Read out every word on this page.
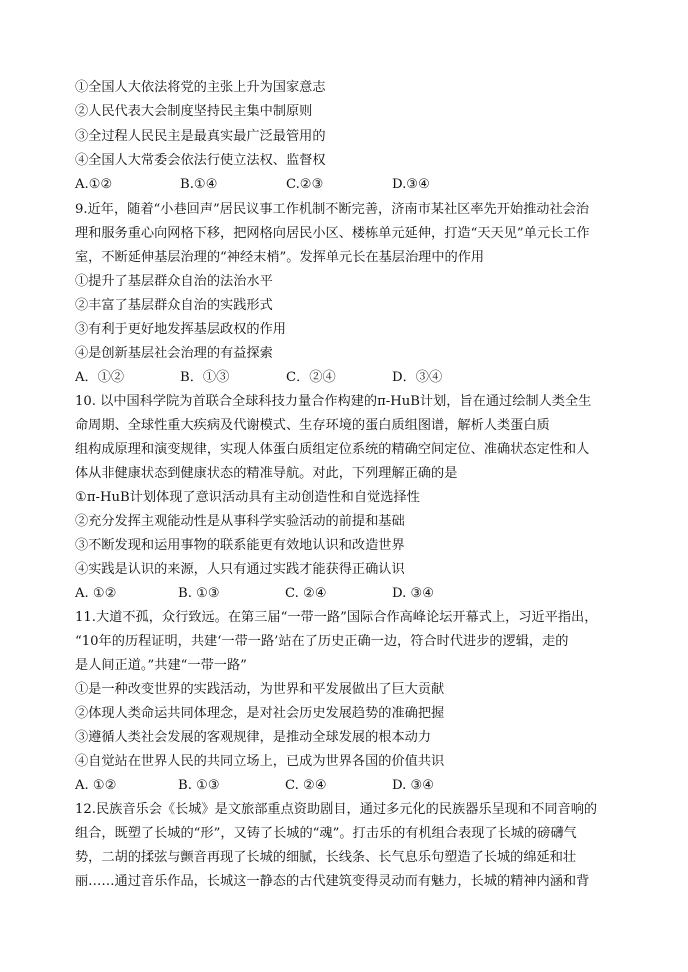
①全国人大依法将党的主张上升为国家意志
②人民代表大会制度坚持民主集中制原则
③全过程人民民主是最真实最广泛最管用的
④全国人大常委会依法行使立法权、监督权
A.①②	B.①④	C.②③	D.③④
9.近年，随着“小巷回声”居民议事工作机制不断完善，济南市某社区率先开始推动社会治
理和服务重心向网格下移，把网格向居民小区、楼栋单元延伸，打造“天天见”单元长工作
室，不断延伸基层治理的“神经末梢”。发挥单元长在基层治理中的作用
①提升了基层群众自治的法治水平
②丰富了基层群众自治的实践形式
③有利于更好地发挥基层政权的作用
④是创新基层社会治理的有益探索
A．①②	B．①③	C．②④	D．③④
10. 以中国科学院为首联合全球科技力量合作构建的π-HuB计划，旨在通过绘制人类全生
命周期、全球性重大疾病及代谢模式、生存环境的蛋白质组图谱，解析人类蛋白质
组构成原理和演变规律，实现人体蛋白质组定位系统的精确空间定位、准确状态定性和人
体从非健康状态到健康状态的精准导航。对此，下列理解正确的是
①π-HuB计划体现了意识活动具有主动创造性和自觉选择性
②充分发挥主观能动性是从事科学实验活动的前提和基础
③不断发现和运用事物的联系能更有效地认识和改造世界
④实践是认识的来源，人只有通过实践才能获得正确认识
A. ①②	B. ①③	C. ②④	D. ③④
11.大道不孤，众行致远。在第三届“一带一路”国际合作高峰论坛开幕式上，习近平指出，
“10年的历程证明，共建‘一带一路’站在了历史正确一边，符合时代进步的逻辑，走的
是人间正道。”共建“一带一路”
①是一种改变世界的实践活动，为世界和平发展做出了巨大贡献
②体现人类命运共同体理念，是对社会历史发展趋势的准确把握
③遵循人类社会发展的客观规律，是推动全球发展的根本动力
④自觉站在世界人民的共同立场上，已成为世界各国的价值共识
A. ①②	B. ①③	C. ②④	D. ③④
12.民族音乐会《长城》是文旅部重点资助剧目，通过多元化的民族器乐呈现和不同音响的
组合，既塑了长城的“形”，又铸了长城的“魂”。打击乐的有机组合表现了长城的磅礴气
势，二胡的揉弦与颤音再现了长城的细腻，长线条、长气息乐句塑造了长城的绵延和壮
丽……通过音乐作品，长城这一静态的古代建筑变得灵动而有魅力，长城的精神内涵和背
